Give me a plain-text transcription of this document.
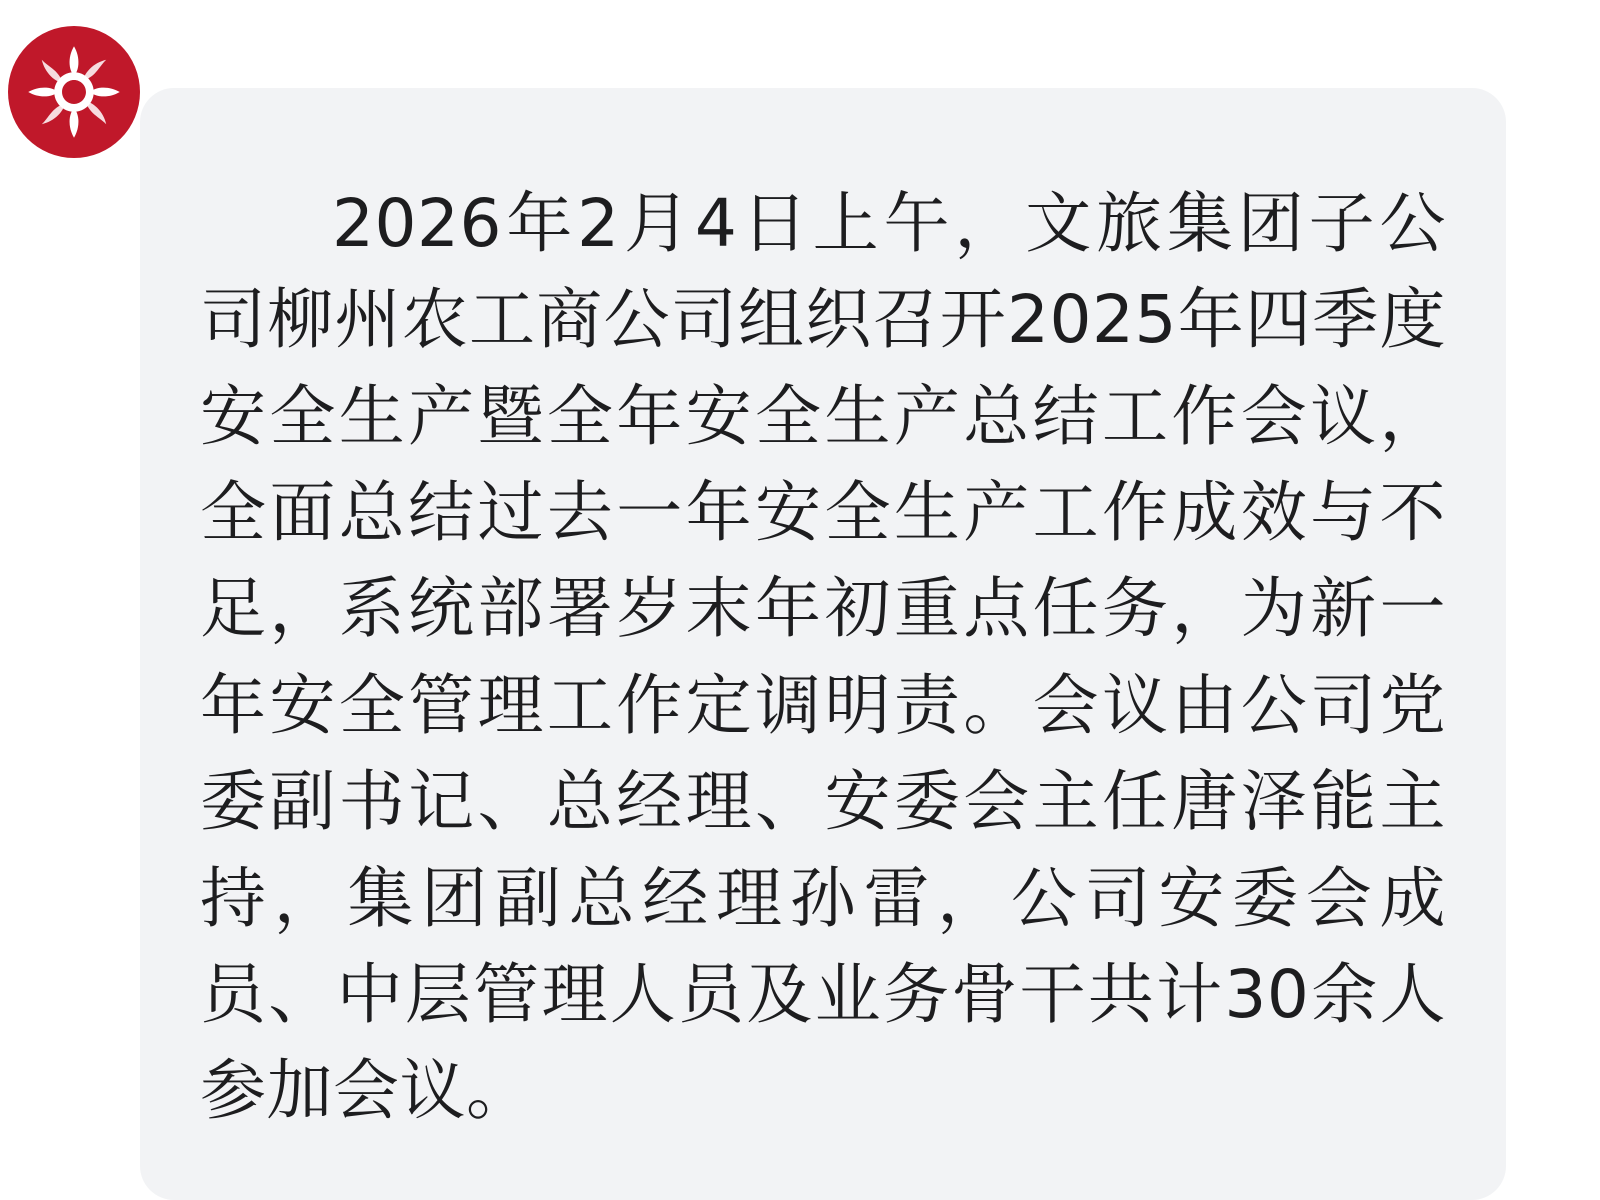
2026年2月4日上午，文旅集团子公司柳州农工商公司组织召开2025年四季度安全生产暨全年安全生产总结工作会议，全面总结过去一年安全生产工作成效与不足，系统部署岁末年初重点任务，为新一年安全管理工作定调明责。会议由公司党委副书记、总经理、安委会主任唐泽能主持，集团副总经理孙雷，公司安委会成员、中层管理人员及业务骨干共计30余人参加会议。
